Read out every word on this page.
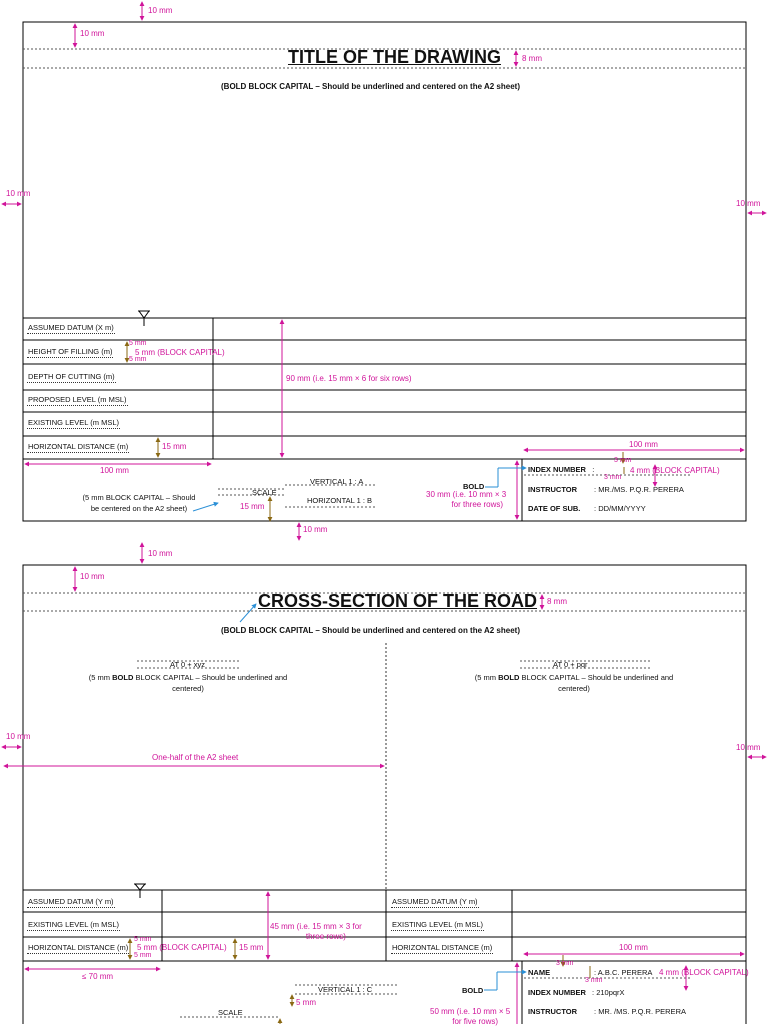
10 mm
10 mm
TITLE OF THE DRAWING	8 mm
(BOLD BLOCK CAPITAL – Should be underlined and centered on the A2 sheet)
10 mm
10 mm
ASSUMED DATUM (X m)
HEIGHT OF FILLING (m)
DEPTH OF CUTTING (m)
PROPOSED LEVEL (m MSL)
EXISTING LEVEL (m MSL)
HORIZONTAL DISTANCE (m)
5 mm
5 mm (BLOCK CAPITAL)
5 mm
15 mm
90 mm (i.e. 15 mm × 6 for six rows)
100 mm
(5 mm BLOCK CAPITAL – Should
be centered on the A2 sheet)
SCALE
15 mm
VERTICAL 1 : A
HORIZONTAL 1 : B
10 mm
100 mm
BOLD
30 mm (i.e. 10 mm × 3
for three rows)
3 mm
4 mm (BLOCK CAPITAL)
3 mm
INDEX NUMBER :
INSTRUCTOR : MR./MS. P.Q.R. PERERA
DATE OF SUB. : DD/MM/YYYY
10 mm
10 mm
CROSS-SECTION OF THE ROAD 8 mm
(BOLD BLOCK CAPITAL – Should be underlined and centered on the A2 sheet)
AT 0 + xyz
(5 mm BOLD BLOCK CAPITAL – Should be underlined and
centered)
AT 0 + pqr
(5 mm BOLD BLOCK CAPITAL – Should be underlined and
centered)
10 mm
10 mm
One-half of the A2 sheet
ASSUMED DATUM (Y m)
EXISTING LEVEL (m MSL)
HORIZONTAL DISTANCE (m)
ASSUMED DATUM (Y m)
EXISTING LEVEL (m MSL)
HORIZONTAL DISTANCE (m)
5 mm
5 mm (BLOCK CAPITAL)
5 mm
15 mm
45 mm (i.e. 15 mm × 3 for
three rows)
≤ 70 mm
VERTICAL 1 : C
5 mm
SCALE
100 mm
BOLD
50 mm (i.e. 10 mm × 5
for five rows)
3 mm
4 mm (BLOCK CAPITAL)
3 mm
NAME	: A.B.C. PERERA
INDEX NUMBER : 210pqrX
INSTRUCTOR : MR. /MS. P.Q.R. PERERA
